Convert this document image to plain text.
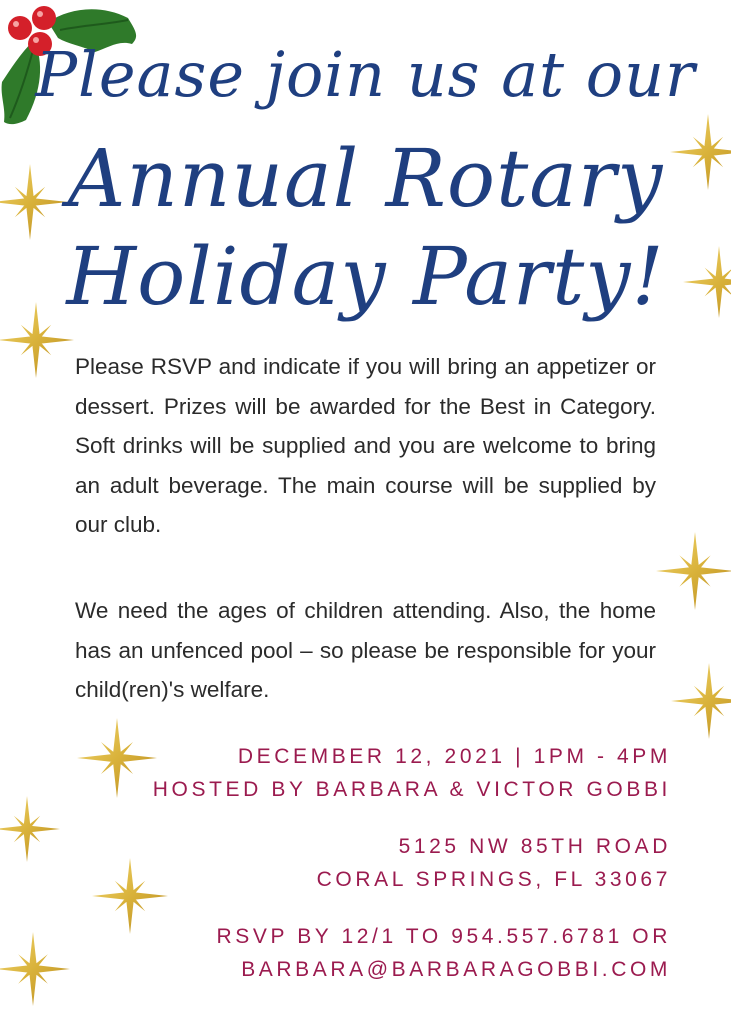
Please join us at our
Annual Rotary
Holiday Party!
Please RSVP and indicate if you will bring an appetizer or dessert. Prizes will be awarded for the Best in Category. Soft drinks will be supplied and you are welcome to bring an adult beverage. The main course will be supplied by our club.
We need the ages of children attending. Also, the home has an unfenced pool – so please be responsible for your child(ren)'s welfare.
DECEMBER 12, 2021 | 1PM - 4PM
HOSTED BY BARBARA & VICTOR GOBBI
5125 NW 85TH ROAD
CORAL SPRINGS, FL 33067
RSVP BY 12/1 TO 954.557.6781 OR
BARBARA@BARBARAGOBBI.COM
